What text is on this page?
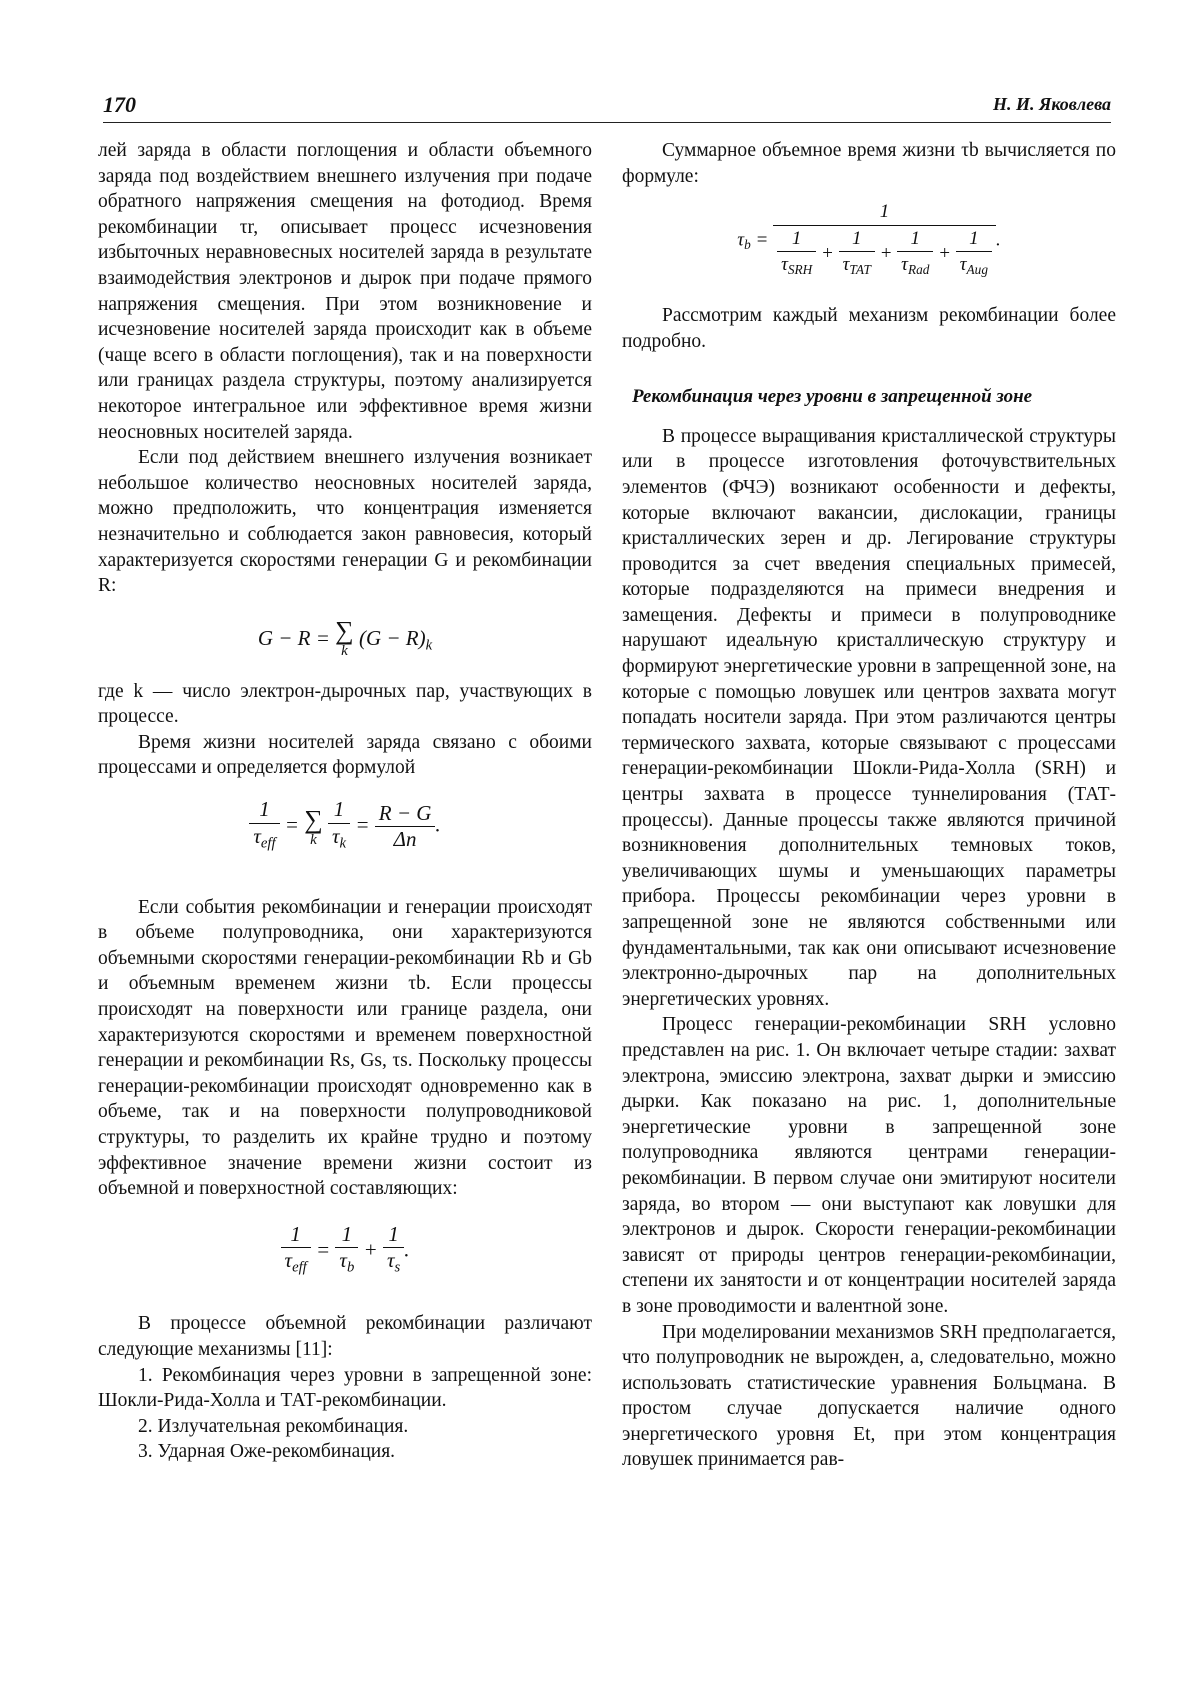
170	Н. И. Яковлева

лей заряда в области поглощения и области объемного заряда под воздействием внешнего излучения при подаче обратного напряжения смещения на фотодиод. Время рекомбинации τr, описывает процесс исчезновения избыточных неравновесных носителей заряда в результате взаимодействия электронов и дырок при подаче прямого напряжения смещения. При этом возникновение и исчезновение носителей заряда происходит как в объеме (чаще всего в области поглощения), так и на поверхности или границах раздела структуры, поэтому анализируется некоторое интегральное или эффективное время жизни неосновных носителей заряда.

Если под действием внешнего излучения возникает небольшое количество неосновных носителей заряда, можно предположить, что концентрация изменяется незначительно и соблюдается закон равновесия, который характеризуется скоростями генерации G и рекомбинации R:

G − R = ∑
k
$(G - R)_k$

где k — число электрон-дырочных пар, участвующих в процессе.

Время жизни носителей заряда связано с обоими процессами и определяется формулой

$\frac{1}{\tau_{eff}}$ = ∑
k
$\frac{1}{\tau_k} = \frac{R - G}{\Delta n}$ .

Если события рекомбинации и генерации происходят в объеме полупроводника, они характеризуются объемными скоростями генерации-рекомбинации Rb и Gb и объемным временем жизни τb. Если процессы происходят на поверхности или границе раздела, они характеризуются скоростями и временем поверхностной генерации и рекомбинации Rs, Gs, τs. Поскольку процессы генерации-рекомбинации происходят одновременно как в объеме, так и на поверхности полупроводниковой структуры, то разделить их крайне трудно и поэтому эффективное значение времени жизни состоит из объемной и поверхностной составляющих:

$\frac{1}{\tau_{eff}} = \frac{1}{\tau_b} + \frac{1}{\tau_s}$ .

В процессе объемной рекомбинации различают следующие механизмы [11]:

1. Рекомбинация через уровни в запрещенной зоне: Шокли-Рида-Холла и ТАТ-рекомбинации.

2. Излучательная рекомбинация.

3. Ударная Оже-рекомбинация.

Суммарное объемное время жизни τb вычисляется по формуле:

$\tau_b$ =
1
$\frac{1}{\tau_{SRH}} + \frac{1}{\tau_{TAT}} + \frac{1}{\tau_{Rad}} + \frac{1}{\tau_{Aug}}$ .

Рассмотрим каждый механизм рекомбинации более подробно.

Рекомбинация через уровни в запрещенной зоне

В процессе выращивания кристаллической структуры или в процессе изготовления фоточувствительных элементов (ФЧЭ) возникают особенности и дефекты, которые включают вакансии, дислокации, границы кристаллических зерен и др. Легирование структуры проводится за счет введения специальных примесей, которые подразделяются на примеси внедрения и замещения. Дефекты и примеси в полупроводнике нарушают идеальную кристаллическую структуру и формируют энергетические уровни в запрещенной зоне, на которые с помощью ловушек или центров захвата могут попадать носители заряда. При этом различаются центры термического захвата, которые связывают с процессами генерации-рекомбинации Шокли-Рида-Холла (SRH) и центры захвата в процессе туннелирования (ТАТ-процессы). Данные процессы также являются причиной возникновения дополнительных темновых токов, увеличивающих шумы и уменьшающих параметры прибора. Процессы рекомбинации через уровни в запрещенной зоне не являются собственными или фундаментальными, так как они описывают исчезновение электронно-дырочных пар на дополнительных энергетических уровнях.

Процесс генерации-рекомбинации SRH условно представлен на рис. 1. Он включает четыре стадии: захват электрона, эмиссию электрона, захват дырки и эмиссию дырки. Как показано на рис. 1, дополнительные энергетические уровни в запрещенной зоне полупроводника являются центрами генерации-рекомбинации. В первом случае они эмитируют носители заряда, во втором — они выступают как ловушки для электронов и дырок. Скорости генерации-рекомбинации зависят от природы центров генерации-рекомбинации, степени их занятости и от концентрации носителей заряда в зоне проводимости и валентной зоне.

При моделировании механизмов SRH предполагается, что полупроводник не вырожден, а, следовательно, можно использовать статистические уравнения Больцмана. В простом случае допускается наличие одного энергетического уровня Et, при этом концентрация ловушек принимается рав-
